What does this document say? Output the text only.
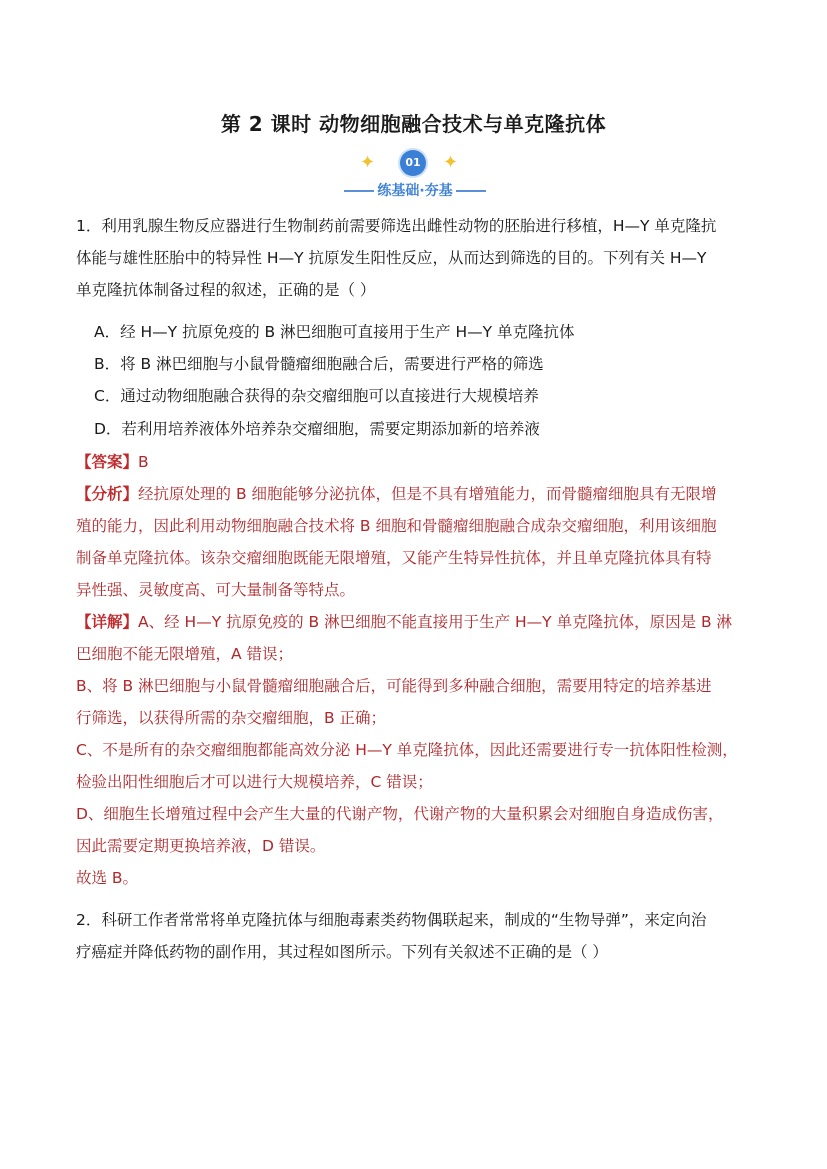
第 2 课时 动物细胞融合技术与单克隆抗体
✦	01 ✦
练基础·夯基
1．利用乳腺生物反应器进行生物制药前需要筛选出雌性动物的胚胎进行移植，H—Y 单克隆抗
体能与雄性胚胎中的特异性 H—Y 抗原发生阳性反应，从而达到筛选的目的。下列有关 H—Y
单克隆抗体制备过程的叙述，正确的是（ ）
A．经 H—Y 抗原免疫的 B 淋巴细胞可直接用于生产 H—Y 单克隆抗体
B．将 B 淋巴细胞与小鼠骨髓瘤细胞融合后，需要进行严格的筛选
C．通过动物细胞融合获得的杂交瘤细胞可以直接进行大规模培养
D．若利用培养液体外培养杂交瘤细胞，需要定期添加新的培养液
【答案】B
【分析】经抗原处理的 B 细胞能够分泌抗体，但是不具有增殖能力，而骨髓瘤细胞具有无限增
殖的能力，因此利用动物细胞融合技术将 B 细胞和骨髓瘤细胞融合成杂交瘤细胞，利用该细胞
制备单克隆抗体。该杂交瘤细胞既能无限增殖，又能产生特异性抗体，并且单克隆抗体具有特
异性强、灵敏度高、可大量制备等特点。
【详解】A、经 H—Y 抗原免疫的 B 淋巴细胞不能直接用于生产 H—Y 单克隆抗体，原因是 B 淋
巴细胞不能无限增殖，A 错误；
B、将 B 淋巴细胞与小鼠骨髓瘤细胞融合后，可能得到多种融合细胞，需要用特定的培养基进
行筛选，以获得所需的杂交瘤细胞，B 正确；
C、不是所有的杂交瘤细胞都能高效分泌 H—Y 单克隆抗体，因此还需要进行专一抗体阳性检测，
检验出阳性细胞后才可以进行大规模培养，C 错误；
D、细胞生长增殖过程中会产生大量的代谢产物，代谢产物的大量积累会对细胞自身造成伤害，
因此需要定期更换培养液，D 错误。
故选 B。
2．科研工作者常常将单克隆抗体与细胞毒素类药物偶联起来，制成的“生物导弹”，来定向治
疗癌症并降低药物的副作用，其过程如图所示。下列有关叙述不正确的是（ ）
